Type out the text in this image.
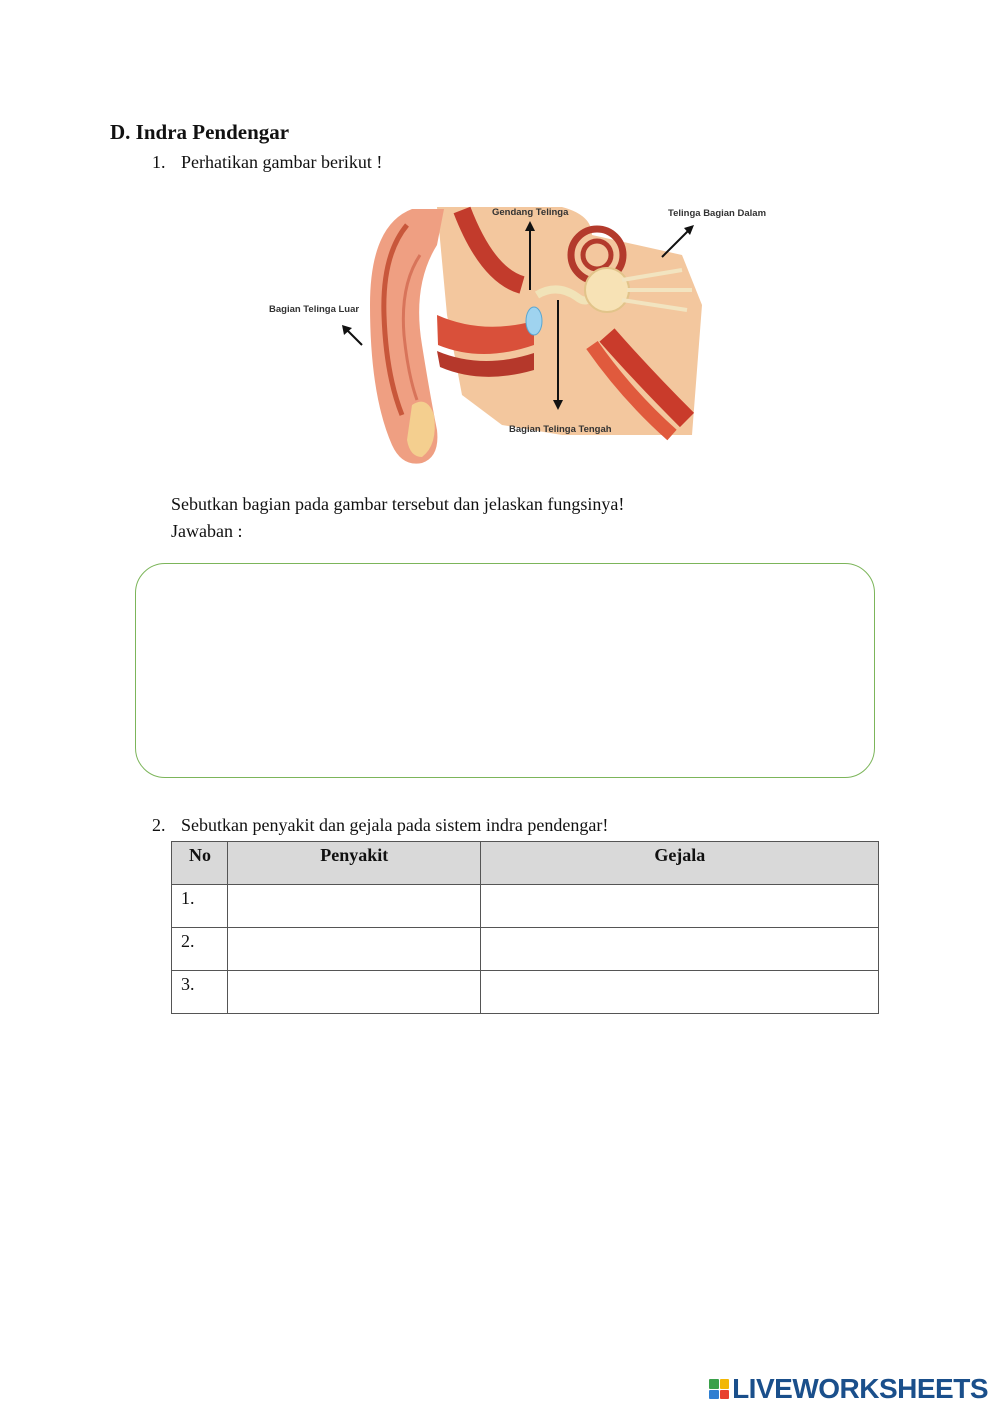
D. Indra Pendengar
1. Perhatikan gambar berikut !
Gendang Telinga	Telinga Bagian Dalam
Bagian Telinga Luar
Bagian Telinga Tengah
Sebutkan bagian pada gambar tersebut dan jelaskan fungsinya!
Jawaban :
2. Sebutkan penyakit dan gejala pada sistem indra pendengar!
No	Penyakit	Gejala
1.		
2.		
3.		
LIVEWORKSHEETS
